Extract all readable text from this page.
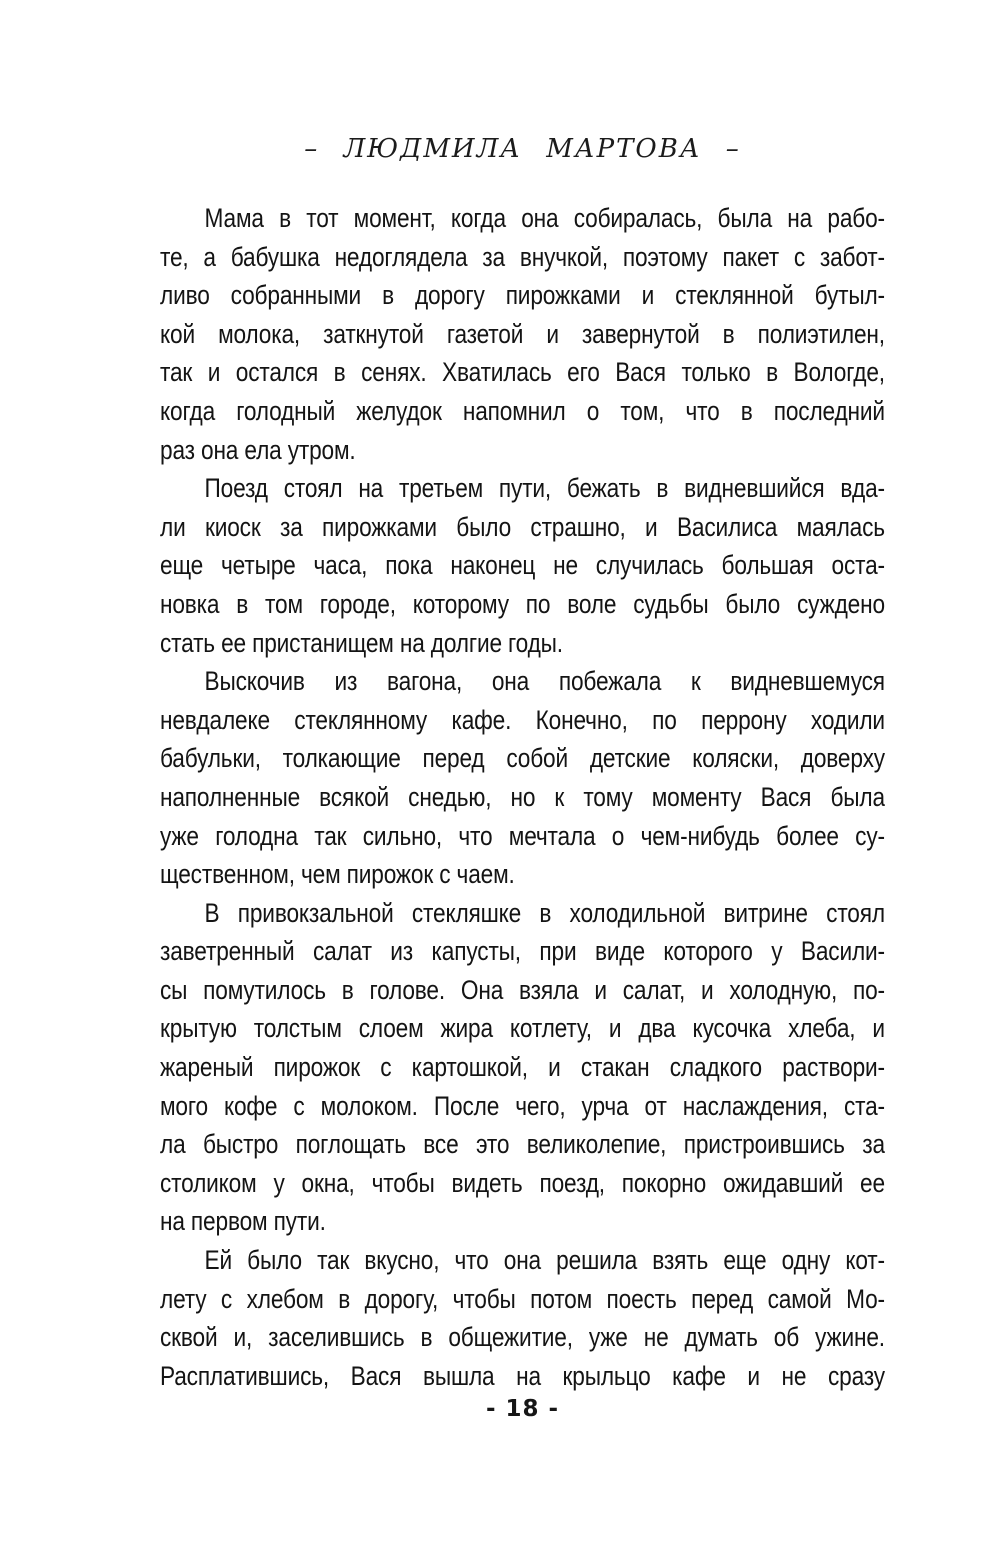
– ЛЮДМИЛА МАРТОВА –
Мама в тот момент, когда она собиралась, была на рабо-
те, а бабушка недоглядела за внучкой, поэтому пакет с забот-
ливо собранными в дорогу пирожками и стеклянной бутыл-
кой молока, заткнутой газетой и завернутой в полиэтилен,
так и остался в сенях. Хватилась его Вася только в Вологде,
когда голодный желудок напомнил о том, что в последний
раз она ела утром.
Поезд стоял на третьем пути, бежать в видневшийся вда-
ли киоск за пирожками было страшно, и Василиса маялась
еще четыре часа, пока наконец не случилась большая оста-
новка в том городе, которому по воле судьбы было суждено
стать ее пристанищем на долгие годы.
Выскочив из вагона, она побежала к видневшемуся
невдалеке стеклянному кафе. Конечно, по перрону ходили
бабульки, толкающие перед собой детские коляски, доверху
наполненные всякой снедью, но к тому моменту Вася была
уже голодна так сильно, что мечтала о чем-нибудь более су-
щественном, чем пирожок с чаем.
В привокзальной стекляшке в холодильной витрине стоял
заветренный салат из капусты, при виде которого у Васили-
сы помутилось в голове. Она взяла и салат, и холодную, по-
крытую толстым слоем жира котлету, и два кусочка хлеба, и
жареный пирожок с картошкой, и стакан сладкого раствори-
мого кофе с молоком. После чего, урча от наслаждения, ста-
ла быстро поглощать все это великолепие, пристроившись за
столиком у окна, чтобы видеть поезд, покорно ожидавший ее
на первом пути.
Ей было так вкусно, что она решила взять еще одну кот-
лету с хлебом в дорогу, чтобы потом поесть перед самой Мо-
сквой и, заселившись в общежитие, уже не думать об ужине.
Расплатившись, Вася вышла на крыльцо кафе и не сразу
- 18 -
